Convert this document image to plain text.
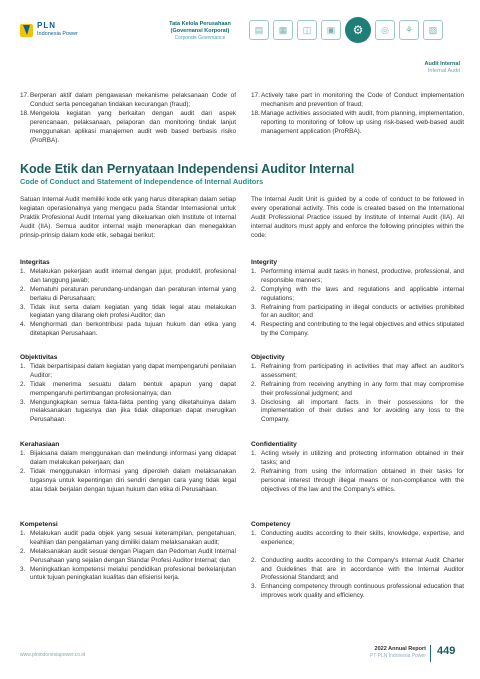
PLN
Indonesia Power
Tata Kelola Perusahaan
(Governansi Korporat)
Corporate Governance
▤	▦	◫	▣	⚙	◎	⚘	▧
Audit Internal
Internal Audit
17. Berperan aktif dalam pengawasan mekanisme pelaksanaan Code of Conduct serta pencegahan tindakan kecurangan (fraud);
18. Mengelola kegiatan yang berkaitan dengan audit dari aspek perencanaan, pelaksanaan, pelaporan dan monitoring tindak lanjut menggunakan aplikasi manajemen audit web based berbasis risiko (ProRBA).
17. Actively take part in monitoring the Code of Conduct implementation mechanism and prevention of fraud;
18. Manage activities associated with audit, from planning, implementation, reporting to monitoring of follow up using risk-based web-based audit management application (ProRBA).
Kode Etik dan Pernyataan Independensi Auditor Internal
Code of Conduct and Statement of Independence of Internal Auditors
Satuan Internal Audit memiliki kode etik yang harus diterapkan dalam setiap kegiatan operasionalnya yang mengacu pada Standar Internasional untuk Praktik Profesional Audit Internal yang dikeluarkan oleh Institute of Internal Audit (IIA). Semua auditor internal wajib menerapkan dan menegakkan prinsip-prinsip dalam kode etik, sebagai berikut:
The Internal Audit Unit is guided by a code of conduct to be followed in every operational activity. This code is created based on the International Audit Professional Practice issued by Institute of Internal Audit (IIA). All internal auditors must apply and enforce the following principles within the code:
Integritas
1. Melakukan pekerjaan audit internal dengan jujur, produktif, profesional dan tanggung jawab;
2. Mematuhi peraturan perundang-undangan dan peraturan internal yang berlaku di Perusahaan;
3. Tidak ikut serta dalam kegiatan yang tidak legal atau melakukan kegiatan yang dilarang oleh profesi Auditor; dan
4. Menghormati dan berkontribusi pada tujuan hukum dan etika yang ditetapkan Perusahaan.
Integrity
1. Performing internal audit tasks in honest, productive, professional, and responsible manners;
2. Complying with the laws and regulations and applicable internal regulations;
3. Refraining from participating in illegal conducts or activities prohibited for an auditor; and
4. Respecting and contributing to the legal objectives and ethics stipulated by the Company.
Objektivitas
1. Tidak berpartisipasi dalam kegiatan yang dapat mempengaruhi penilaian Auditor;
2. Tidak menerima sesuatu dalam bentuk apapun yang dapat mempengaruhi pertimbangan profesionalnya; dan
3. Mengungkapkan semua fakta-fakta penting yang diketahuinya dalam melaksanakan tugasnya dan jika tidak dilaporkan dapat merugikan Perusahaan.
Objectivity
1. Refraining from participating in activities that may affect an auditor's assessment;
2. Refraining from receiving anything in any form that may compromise their professional judgment; and
3. Disclosing all important facts in their possessions for the implementation of their duties and for avoiding any loss to the Company.
Kerahasiaan
1. Bijaksana dalam menggunakan dan melindungi informasi yang didapat dalam melakukan pekerjaan; dan
2. Tidak menggunakan informasi yang diperoleh dalam melaksanakan tugasnya untuk kepentingan diri sendiri dengan cara yang tidak legal atau tidak berjalan dengan tujuan hukum dan etika di Perusahaan.
Confidentiality
1. Acting wisely in utilizing and protecting information obtained in their tasks; and
2. Refraining from using the information obtained in their tasks for personal interest through illegal means or non-compliance with the objectives of the law and the Company's ethics.
Kompetensi
1. Melakukan audit pada objek yang sesuai keterampilan, pengetahuan, keahlian dan pengalaman yang dimiliki dalam melaksanakan audit;
2. Melaksanakan audit sesuai dengan Piagam dan Pedoman Audit Internal Perusahaan yang sejalan dengan Standar Profesi Auditor Internal; dan
3. Meningkatkan kompetensi melalui pendidikan profesional berkelanjutan untuk tujuan peningkatan kualitas dan efisiensi kerja.
Competency
1. Conducting audits according to their skills, knowledge, expertise, and experience;
2. Conducting audits according to the Company's Internal Audit Charter and Guidelines that are in accordance with the Internal Auditor Professional Standard; and
3. Enhancing competency through continuous professional education that improves work quality and efficiency.
www.plnindonesiapower.co.id
2022 Annual Report
PT PLN Indonesia Power 449
